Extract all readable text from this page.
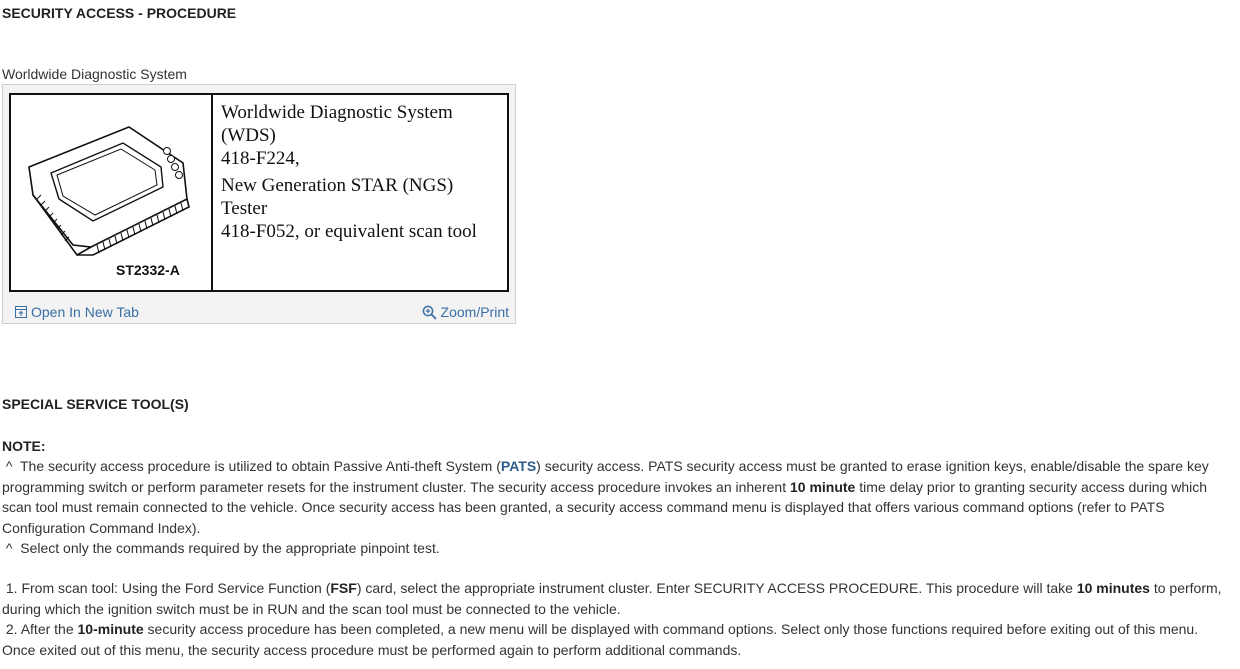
SECURITY ACCESS - PROCEDURE
Worldwide Diagnostic System
ST2332-A
Worldwide Diagnostic System
(WDS)
418-F224,
New Generation STAR (NGS)
Tester
418-F052, or equivalent scan tool
Open In New Tab	Zoom/Print
SPECIAL SERVICE TOOL(S)
NOTE:
^ The security access procedure is utilized to obtain Passive Anti-theft System (PATS) security access. PATS security access must be granted to erase ignition keys, enable/disable the spare key programming switch or perform parameter resets for the instrument cluster. The security access procedure invokes an inherent 10 minute time delay prior to granting security access during which scan tool must remain connected to the vehicle. Once security access has been granted, a security access command menu is displayed that offers various command options (refer to PATS Configuration Command Index).
^ Select only the commands required by the appropriate pinpoint test.
1. From scan tool: Using the Ford Service Function (FSF) card, select the appropriate instrument cluster. Enter SECURITY ACCESS PROCEDURE. This procedure will take 10 minutes to perform, during which the ignition switch must be in RUN and the scan tool must be connected to the vehicle.
2. After the 10-minute security access procedure has been completed, a new menu will be displayed with command options. Select only those functions required before exiting out of this menu. Once exited out of this menu, the security access procedure must be performed again to perform additional commands.
